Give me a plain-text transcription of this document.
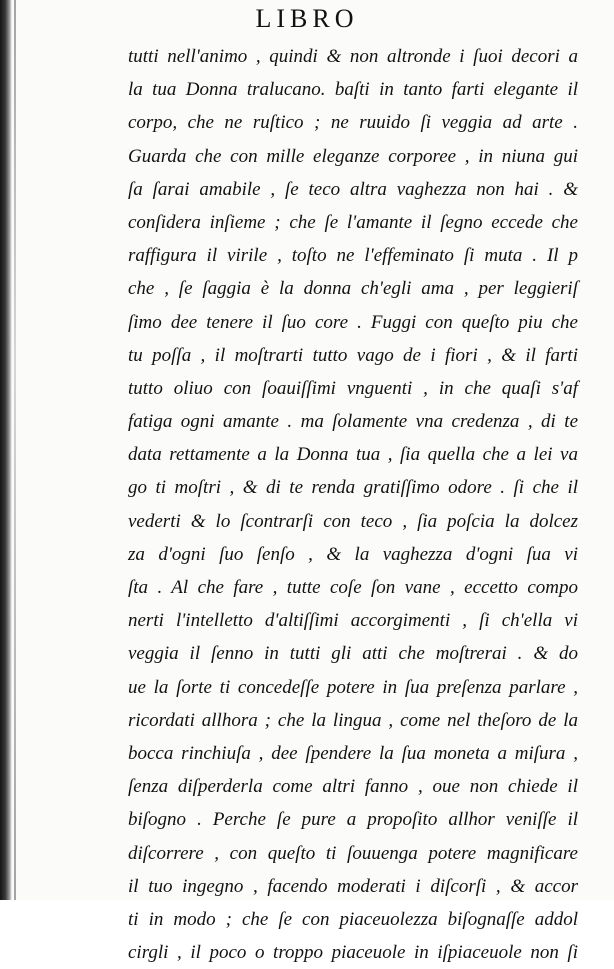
LIBRO
tutti nell'animo , quindi & non altronde i ſuoi decori a
la tua Donna tralucano. baſti in tanto farti elegante il
corpo, che ne ruſtico ; ne ruuido ſi veggia ad arte .
Guarda che con mille eleganze corporee , in niuna gui
ſa ſarai amabile , ſe teco altra vaghezza non hai . &
conſidera inſieme ; che ſe l'amante il ſegno eccede che
raffigura il virile , toſto ne l'effeminato ſi muta . Il p
che , ſe ſaggia è la donna ch'egli ama , per leggieriſ
ſimo dee tenere il ſuo core . Fuggi con queſto piu che
tu poſſa , il moſtrarti tutto vago de i fiori , & il farti
tutto oliuo con ſoauiſſimi vnguenti , in che quaſi s'af
fatiga ogni amante . ma ſolamente vna credenza , di te
data rettamente a la Donna tua , ſia quella che a lei va
go ti moſtri , & di te renda gratiſſimo odore . ſi che il
vederti & lo ſcontrarſi con teco , ſia poſcia la dolcez
za d'ogni ſuo ſenſo , & la vaghezza d'ogni ſua vi
ſta . Al che fare , tutte coſe ſon vane , eccetto compo
nerti l'intelletto d'altiſſimi accorgimenti , ſi ch'ella vi
veggia il ſenno in tutti gli atti che moſtrerai . & do
ue la ſorte ti concedeſſe potere in ſua preſenza parlare ,
ricordati allhora ; che la lingua , come nel theſoro de la
bocca rinchiuſa , dee ſpendere la ſua moneta a miſura ,
ſenza diſperderla come altri fanno , oue non chiede il
biſogno . Perche ſe pure a propoſito allhor veniſſe il
diſcorrere , con queſto ti ſouuenga potere magnificare
il tuo ingegno , facendo moderati i diſcorſi , & accor
ti in modo ; che ſe con piaceuolezza biſognaſſe addol
cirgli , il poco o troppo piaceuole in iſpiaceuole non ſi
